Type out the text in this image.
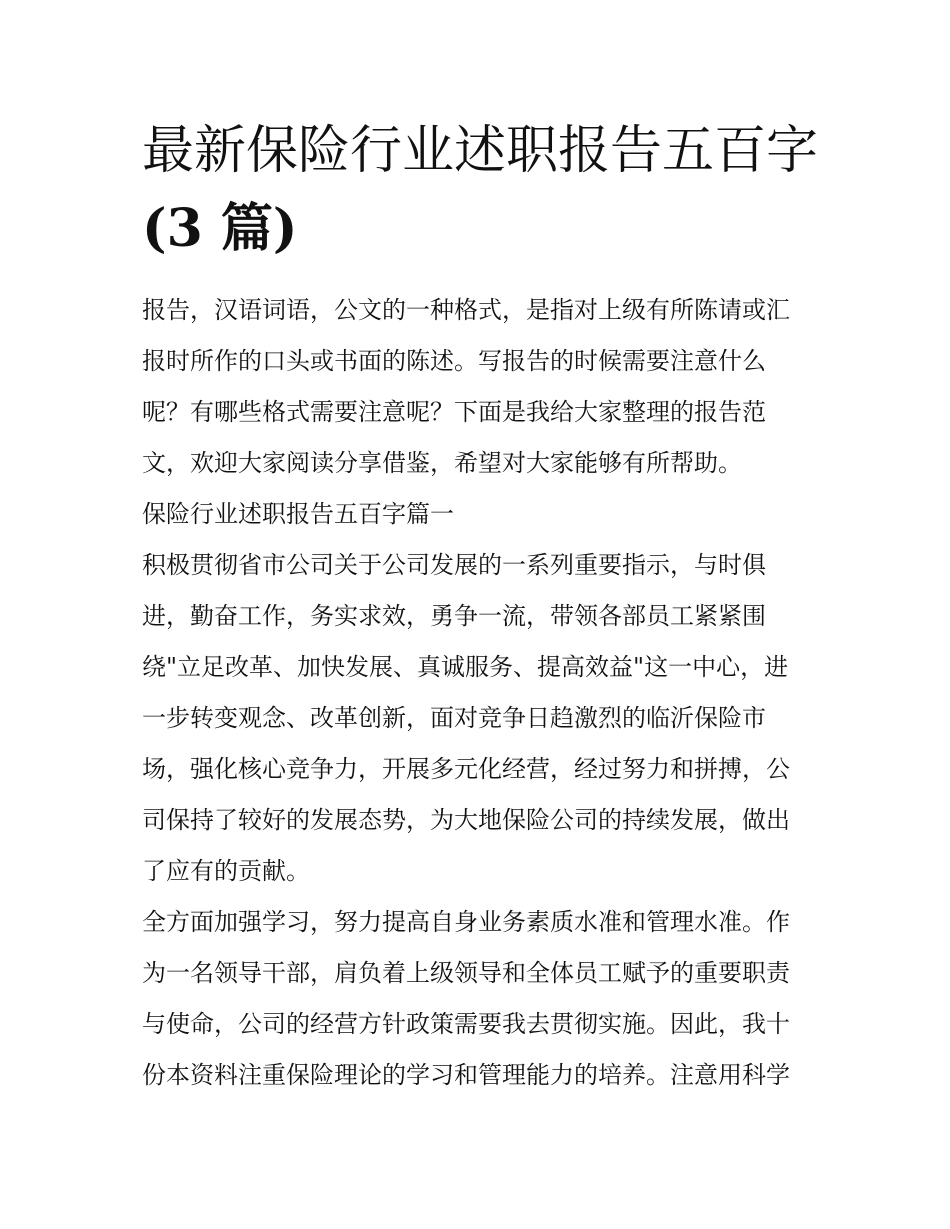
最新保险行业述职报告五百字
(3 篇)

报告，汉语词语，公文的一种格式，是指对上级有所陈请或汇
报时所作的口头或书面的陈述。写报告的时候需要注意什么
呢？有哪些格式需要注意呢？下面是我给大家整理的报告范
文，欢迎大家阅读分享借鉴，希望对大家能够有所帮助。

保险行业述职报告五百字篇一

积极贯彻省市公司关于公司发展的一系列重要指示，与时俱
进，勤奋工作，务实求效，勇争一流，带领各部员工紧紧围
绕"立足改革、加快发展、真诚服务、提高效益"这一中心，进
一步转变观念、改革创新，面对竞争日趋激烈的临沂保险市
场，强化核心竞争力，开展多元化经营，经过努力和拼搏，公
司保持了较好的发展态势，为大地保险公司的持续发展，做出
了应有的贡献。

全方面加强学习，努力提高自身业务素质水准和管理水准。作
为一名领导干部，肩负着上级领导和全体员工赋予的重要职责
与使命，公司的经营方针政策需要我去贯彻实施。因此，我十
份本资料注重保险理论的学习和管理能力的培养。注意用科学
